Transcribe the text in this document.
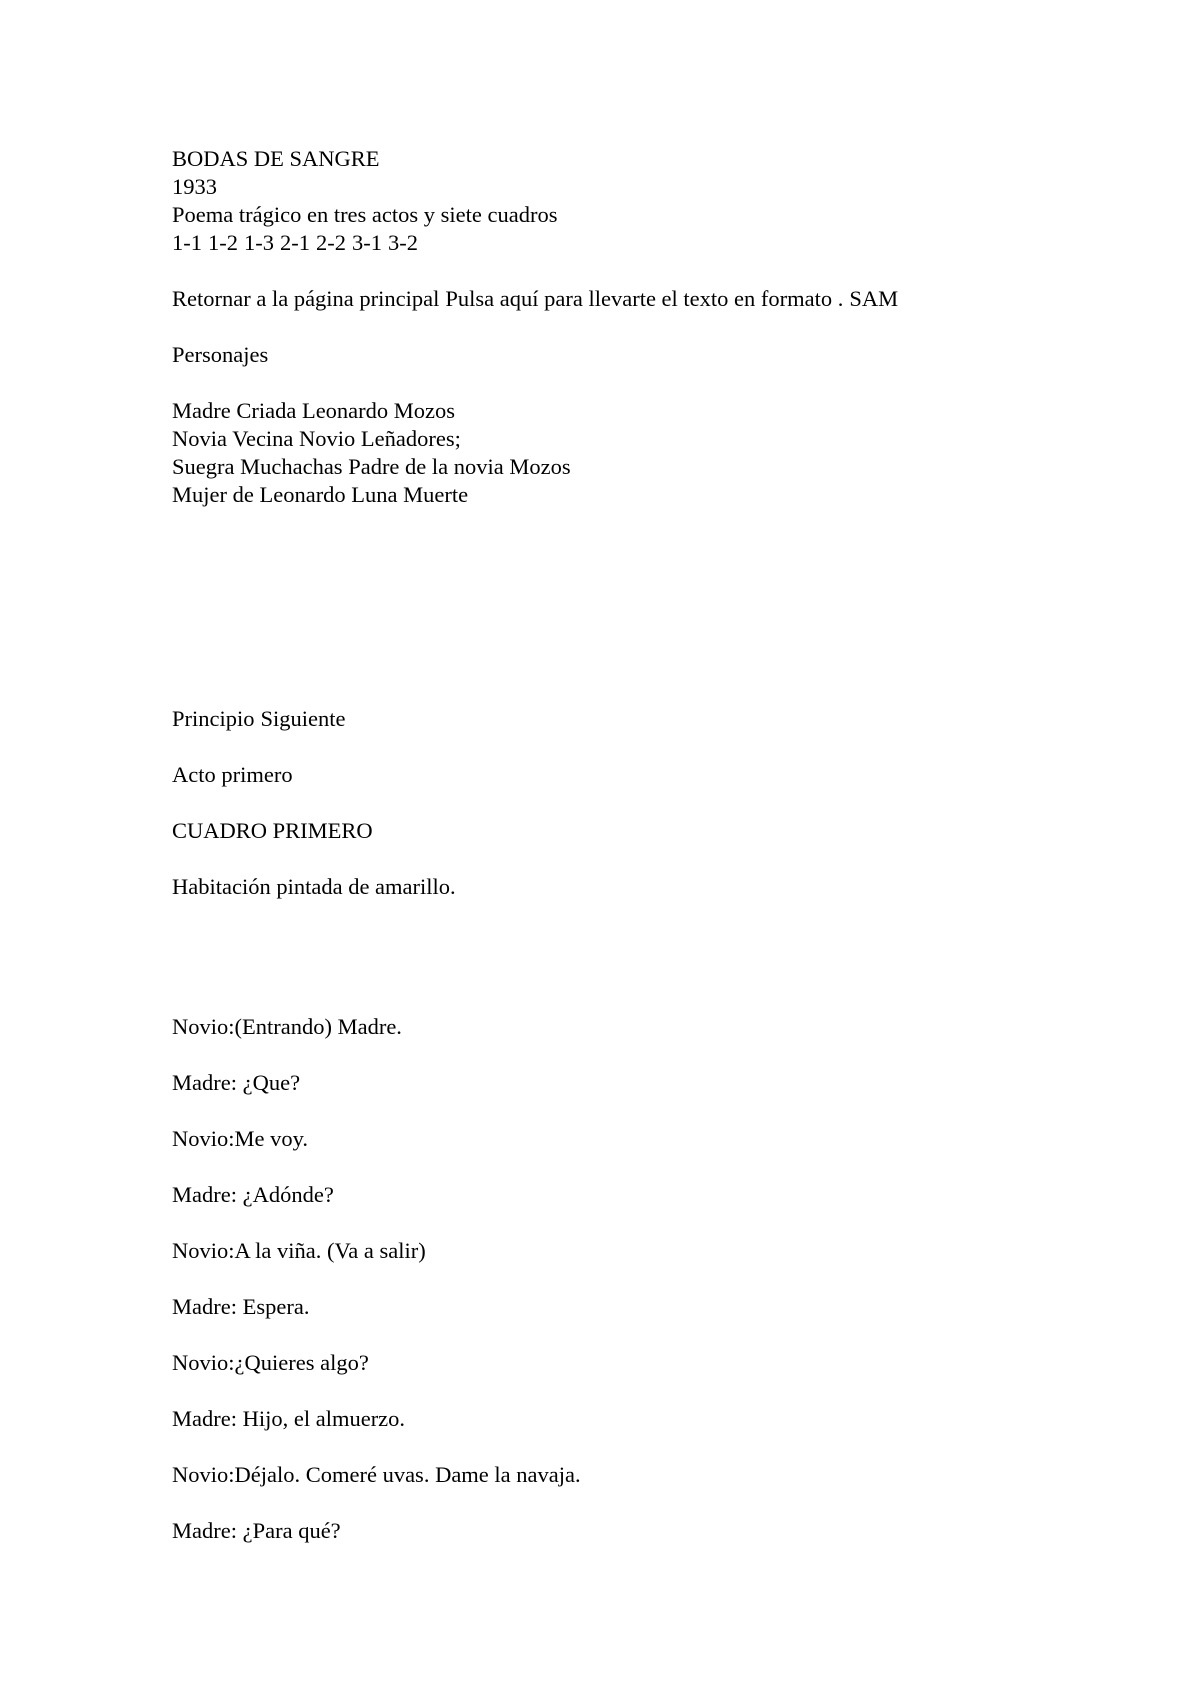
BODAS DE SANGRE
1933
Poema trágico en tres actos y siete cuadros
1-1 1-2 1-3 2-1 2-2 3-1 3-2
Retornar a la página principal Pulsa aquí para llevarte el texto en formato . SAM
Personajes
Madre Criada Leonardo Mozos
Novia Vecina Novio Leñadores;
Suegra Muchachas Padre de la novia Mozos
Mujer de Leonardo Luna Muerte
Principio Siguiente
Acto primero
CUADRO PRIMERO
Habitación pintada de amarillo.
Novio:(Entrando) Madre.
Madre: ¿Que?
Novio:Me voy.
Madre: ¿Adónde?
Novio:A la viña. (Va a salir)
Madre: Espera.
Novio:¿Quieres algo?
Madre: Hijo, el almuerzo.
Novio:Déjalo. Comeré uvas. Dame la navaja.
Madre: ¿Para qué?
